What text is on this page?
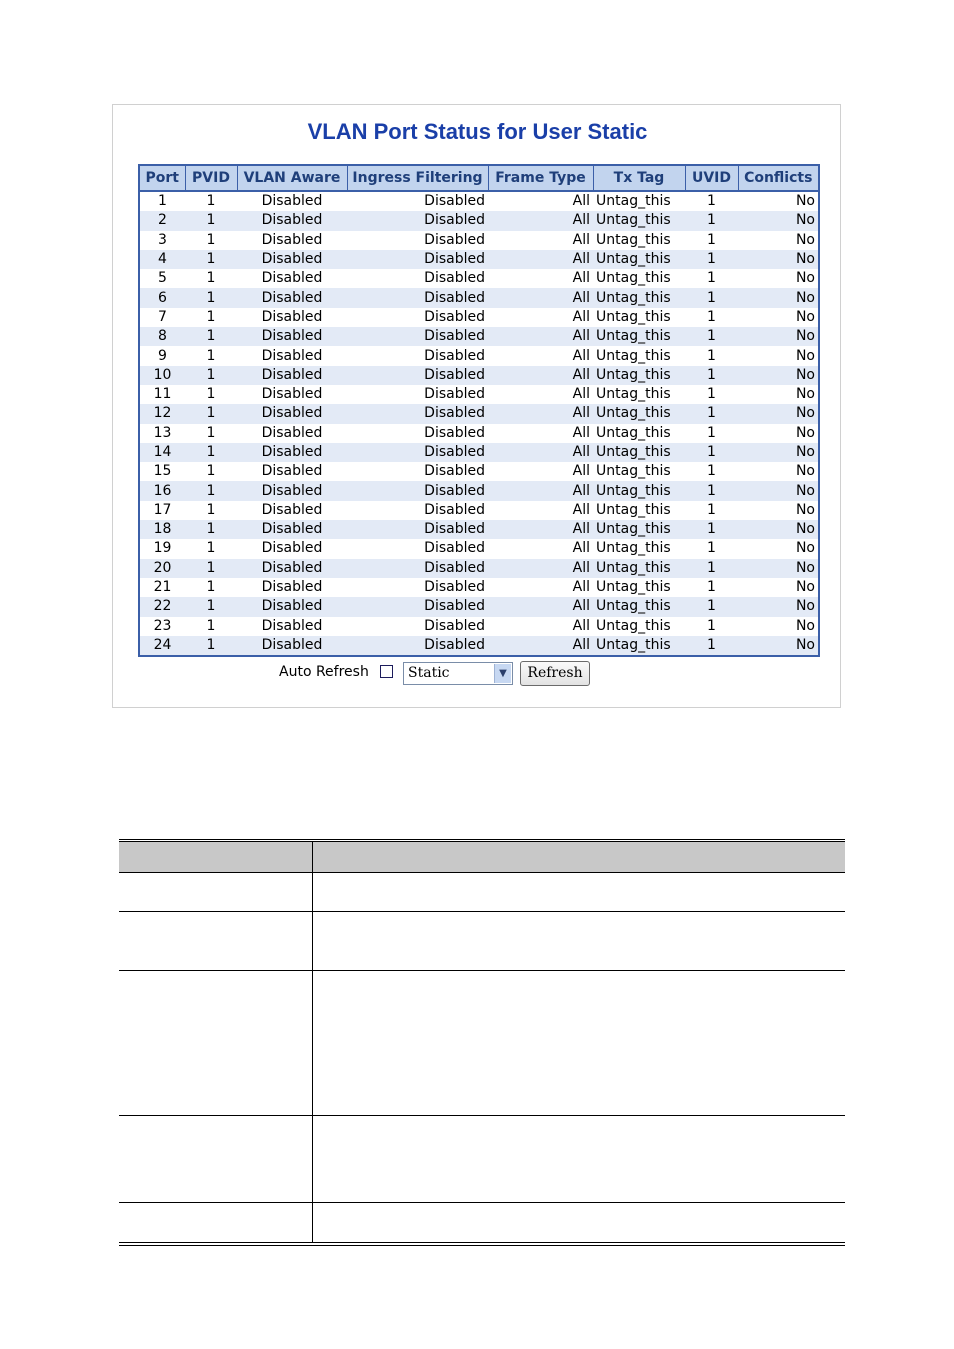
VLAN Port Status for User Static
Port	PVID	VLAN Aware	Ingress Filtering	Frame Type	Tx Tag	UVID	Conflicts
1	1	Disabled	Disabled	All	Untag_this	1	No
2	1	Disabled	Disabled	All	Untag_this	1	No
3	1	Disabled	Disabled	All	Untag_this	1	No
4	1	Disabled	Disabled	All	Untag_this	1	No
5	1	Disabled	Disabled	All	Untag_this	1	No
6	1	Disabled	Disabled	All	Untag_this	1	No
7	1	Disabled	Disabled	All	Untag_this	1	No
8	1	Disabled	Disabled	All	Untag_this	1	No
9	1	Disabled	Disabled	All	Untag_this	1	No
10	1	Disabled	Disabled	All	Untag_this	1	No
11	1	Disabled	Disabled	All	Untag_this	1	No
12	1	Disabled	Disabled	All	Untag_this	1	No
13	1	Disabled	Disabled	All	Untag_this	1	No
14	1	Disabled	Disabled	All	Untag_this	1	No
15	1	Disabled	Disabled	All	Untag_this	1	No
16	1	Disabled	Disabled	All	Untag_this	1	No
17	1	Disabled	Disabled	All	Untag_this	1	No
18	1	Disabled	Disabled	All	Untag_this	1	No
19	1	Disabled	Disabled	All	Untag_this	1	No
20	1	Disabled	Disabled	All	Untag_this	1	No
21	1	Disabled	Disabled	All	Untag_this	1	No
22	1	Disabled	Disabled	All	Untag_this	1	No
23	1	Disabled	Disabled	All	Untag_this	1	No
24	1	Disabled	Disabled	All	Untag_this	1	No
Auto Refresh	Static	▼	Refresh
